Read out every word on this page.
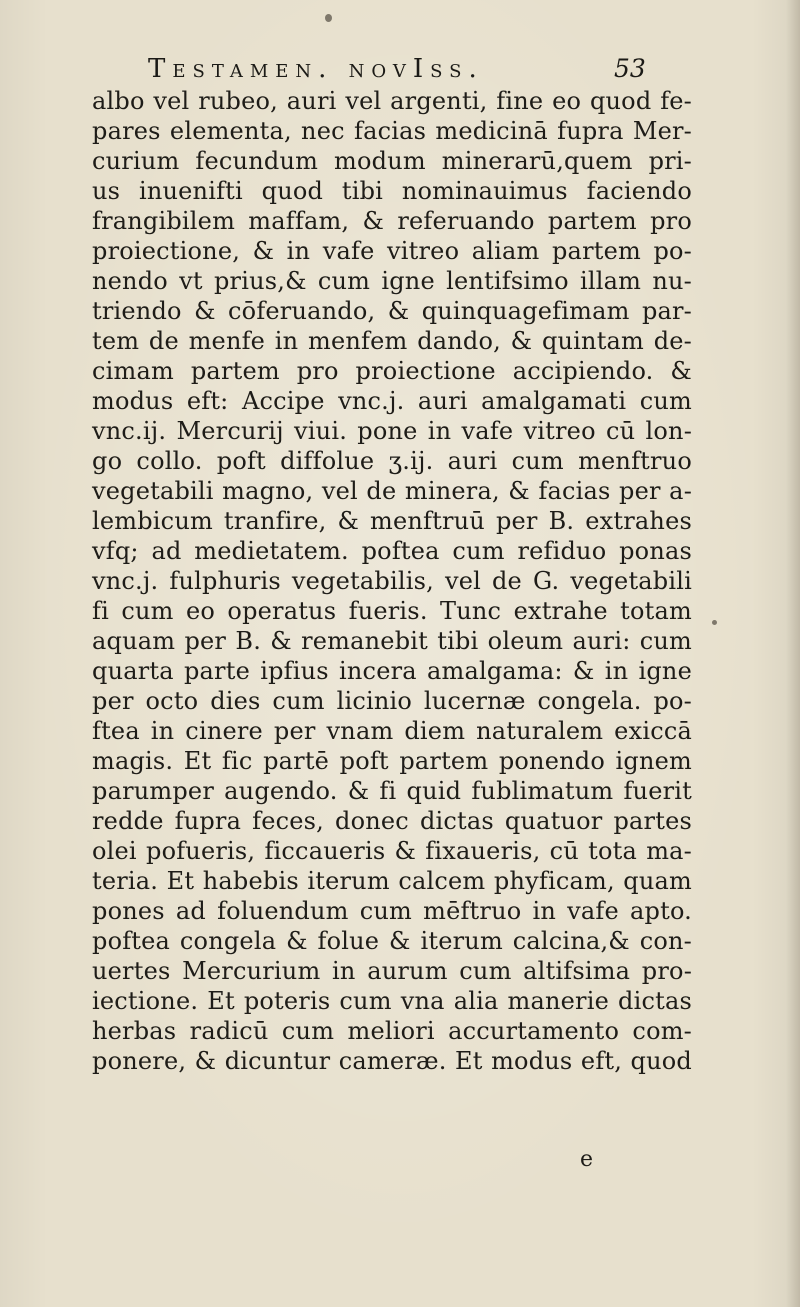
Testamen. novIss.	53
albo vel rubeo, auri vel argenti, fine eo quod fe-
pares elementa, nec facias medicinā fupra Mer-
curium fecundum modum minerarū,quem pri-
us inuenifti quod tibi nominauimus faciendo
frangibilem maffam, & referuando partem pro
proiectione, & in vafe vitreo aliam partem po-
nendo vt prius,& cum igne lentifsimo illam nu-
triendo & cōferuando, & quinquagefimam par-
tem de menfe in menfem dando, & quintam de-
cimam partem pro proiectione accipiendo. &
modus eft: Accipe vnc.j. auri amalgamati cum
vnc.ij. Mercurij viui. pone in vafe vitreo cū lon-
go collo. poft diffolue ʒ.ij. auri cum menftruo
vegetabili magno, vel de minera, & facias per a-
lembicum tranfire, & menftruū per B. extrahes
vfq; ad medietatem. poftea cum refiduo ponas
vnc.j. fulphuris vegetabilis, vel de G. vegetabili
fi cum eo operatus fueris. Tunc extrahe totam
aquam per B. & remanebit tibi oleum auri: cum
quarta parte ipfius incera amalgama: & in igne
per octo dies cum licinio lucernæ congela. po-
ftea in cinere per vnam diem naturalem exiccā
magis. Et fic partē poft partem ponendo ignem
parumper augendo. & fi quid fublimatum fuerit
redde fupra feces, donec dictas quatuor partes
olei pofueris, ficcaueris & fixaueris, cū tota ma-
teria. Et habebis iterum calcem phyficam, quam
pones ad foluendum cum mēftruo in vafe apto.
poftea congela & folue & iterum calcina,& con-
uertes Mercurium in aurum cum altifsima pro-
iectione. Et poteris cum vna alia manerie dictas
herbas radicū cum meliori accurtamento com-
ponere, & dicuntur cameræ. Et modus eft, quod
e
